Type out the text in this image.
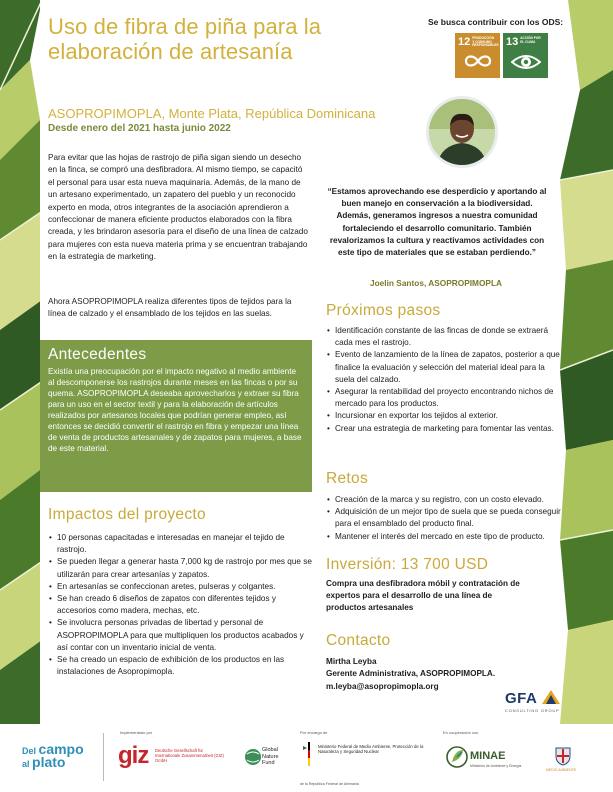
Uso de fibra de piña para la elaboración de artesanía
Se busca contribuir con los ODS:
12 PRODUCCIÓN Y CONSUMO RESPONSABLES 13 ACCIÓN POR EL CLIMA
ASOPROPIMOPLA, Monte Plata, República Dominicana
Desde enero del 2021 hasta junio 2022

Para evitar que las hojas de rastrojo de piña sigan siendo un desecho en la finca, se compró una desfibradora. Al mismo tiempo, se capacitó el personal para usar esta nueva maquinaria. Además, de la mano de un artesano experimentado, un zapatero del pueblo y un reconocido experto en moda, otros integrantes de la asociación aprendieron a confeccionar de manera eficiente productos elaborados con la fibra creada, y les brindaron asesoría para el diseño de una línea de calzado para mujeres con esta nueva materia prima y se encuentran trabajando en la estrategia de marketing.

Ahora ASOPROPIMOPLA realiza diferentes tipos de tejidos para la línea de calzado y el ensamblado de los tejidos en las suelas.

Antecedentes

Existía una preocupación por el impacto negativo al medio ambiente al descomponerse los rastrojos durante meses en las fincas o por su quema. ASOPROPIMOPLA deseaba aprovecharlos y extraer su fibra para un uso en el sector textil y para la elaboración de artículos realizados por artesanos locales que podrían generar empleo, así entonces se decidió convertir el rastrojo en fibra y empezar una línea de venta de productos artesanales y de zapatos para mujeres, a base de este material.

Impactos del proyecto
• 10 personas capacitadas e interesadas en manejar el tejido de rastrojo.
• Se pueden llegar a generar hasta 7,000 kg de rastrojo por mes que se utilizarán para crear artesanías y zapatos.
• En artesanías se confeccionan aretes, pulseras y colgantes.
• Se han creado 6 diseños de zapatos con diferentes tejidos y accesorios como madera, mechas, etc.
• Se involucra personas privadas de libertad y personal de ASOPROPIMOPLA para que multipliquen los productos acabados y así contar con un inventario inicial de venta.
• Se ha creado un espacio de exhibición de los productos en las instalaciones de Asopropimopla.

“Estamos aprovechando ese desperdicio y aportando al buen manejo en conservación a la biodiversidad. Además, generamos ingresos a nuestra comunidad fortaleciendo el desarrollo comunitario. También revalorizamos la cultura y reactivamos actividades con este tipo de materiales que se estaban perdiendo.”

Joelin Santos, ASOPROPIMOPLA
Próximos pasos
• Identificación constante de las fincas de donde se extraerá cada mes el rastrojo.
• Evento de lanzamiento de la línea de zapatos, posterior a que finalice la evaluación y selección del material ideal para la suela del calzado.
• Asegurar la rentabilidad del proyecto encontrando nichos de mercado para los productos.
• Incursionar en exportar los tejidos al exterior.
• Crear una estrategia de marketing para fomentar las ventas.
Retos
• Creación de la marca y su registro, con un costo elevado.
• Adquisición de un mejor tipo de suela que se pueda conseguir para el ensamblado del producto final.
• Mantener el interés del mercado en este tipo de producto.
Inversión: 13 700 USD

Compra una desfibradora móbil y contratación de expertos para el desarrollo de una línea de productos artesanales

Contacto
Mirtha Leyba
Gerente Administrativa, ASOPROPIMOPLA.
m.leyba@asopropimopla.org
GFA
CONSULTING GROUP
Del campo
al plato
Implementado por
giz Deutsche Gesellschaft für Internationale Zusammenarbeit (GIZ) GmbH
Global
Nature
Fund
Por encargo de
Ministerio Federal de Medio Ambiente, Protección de la Naturaleza y Seguridad Nuclear
de la República Federal de Alemania
En cooperación con
MINAE
Ministerio de Ambiente y Energía
MEDIO AMBIENTE
